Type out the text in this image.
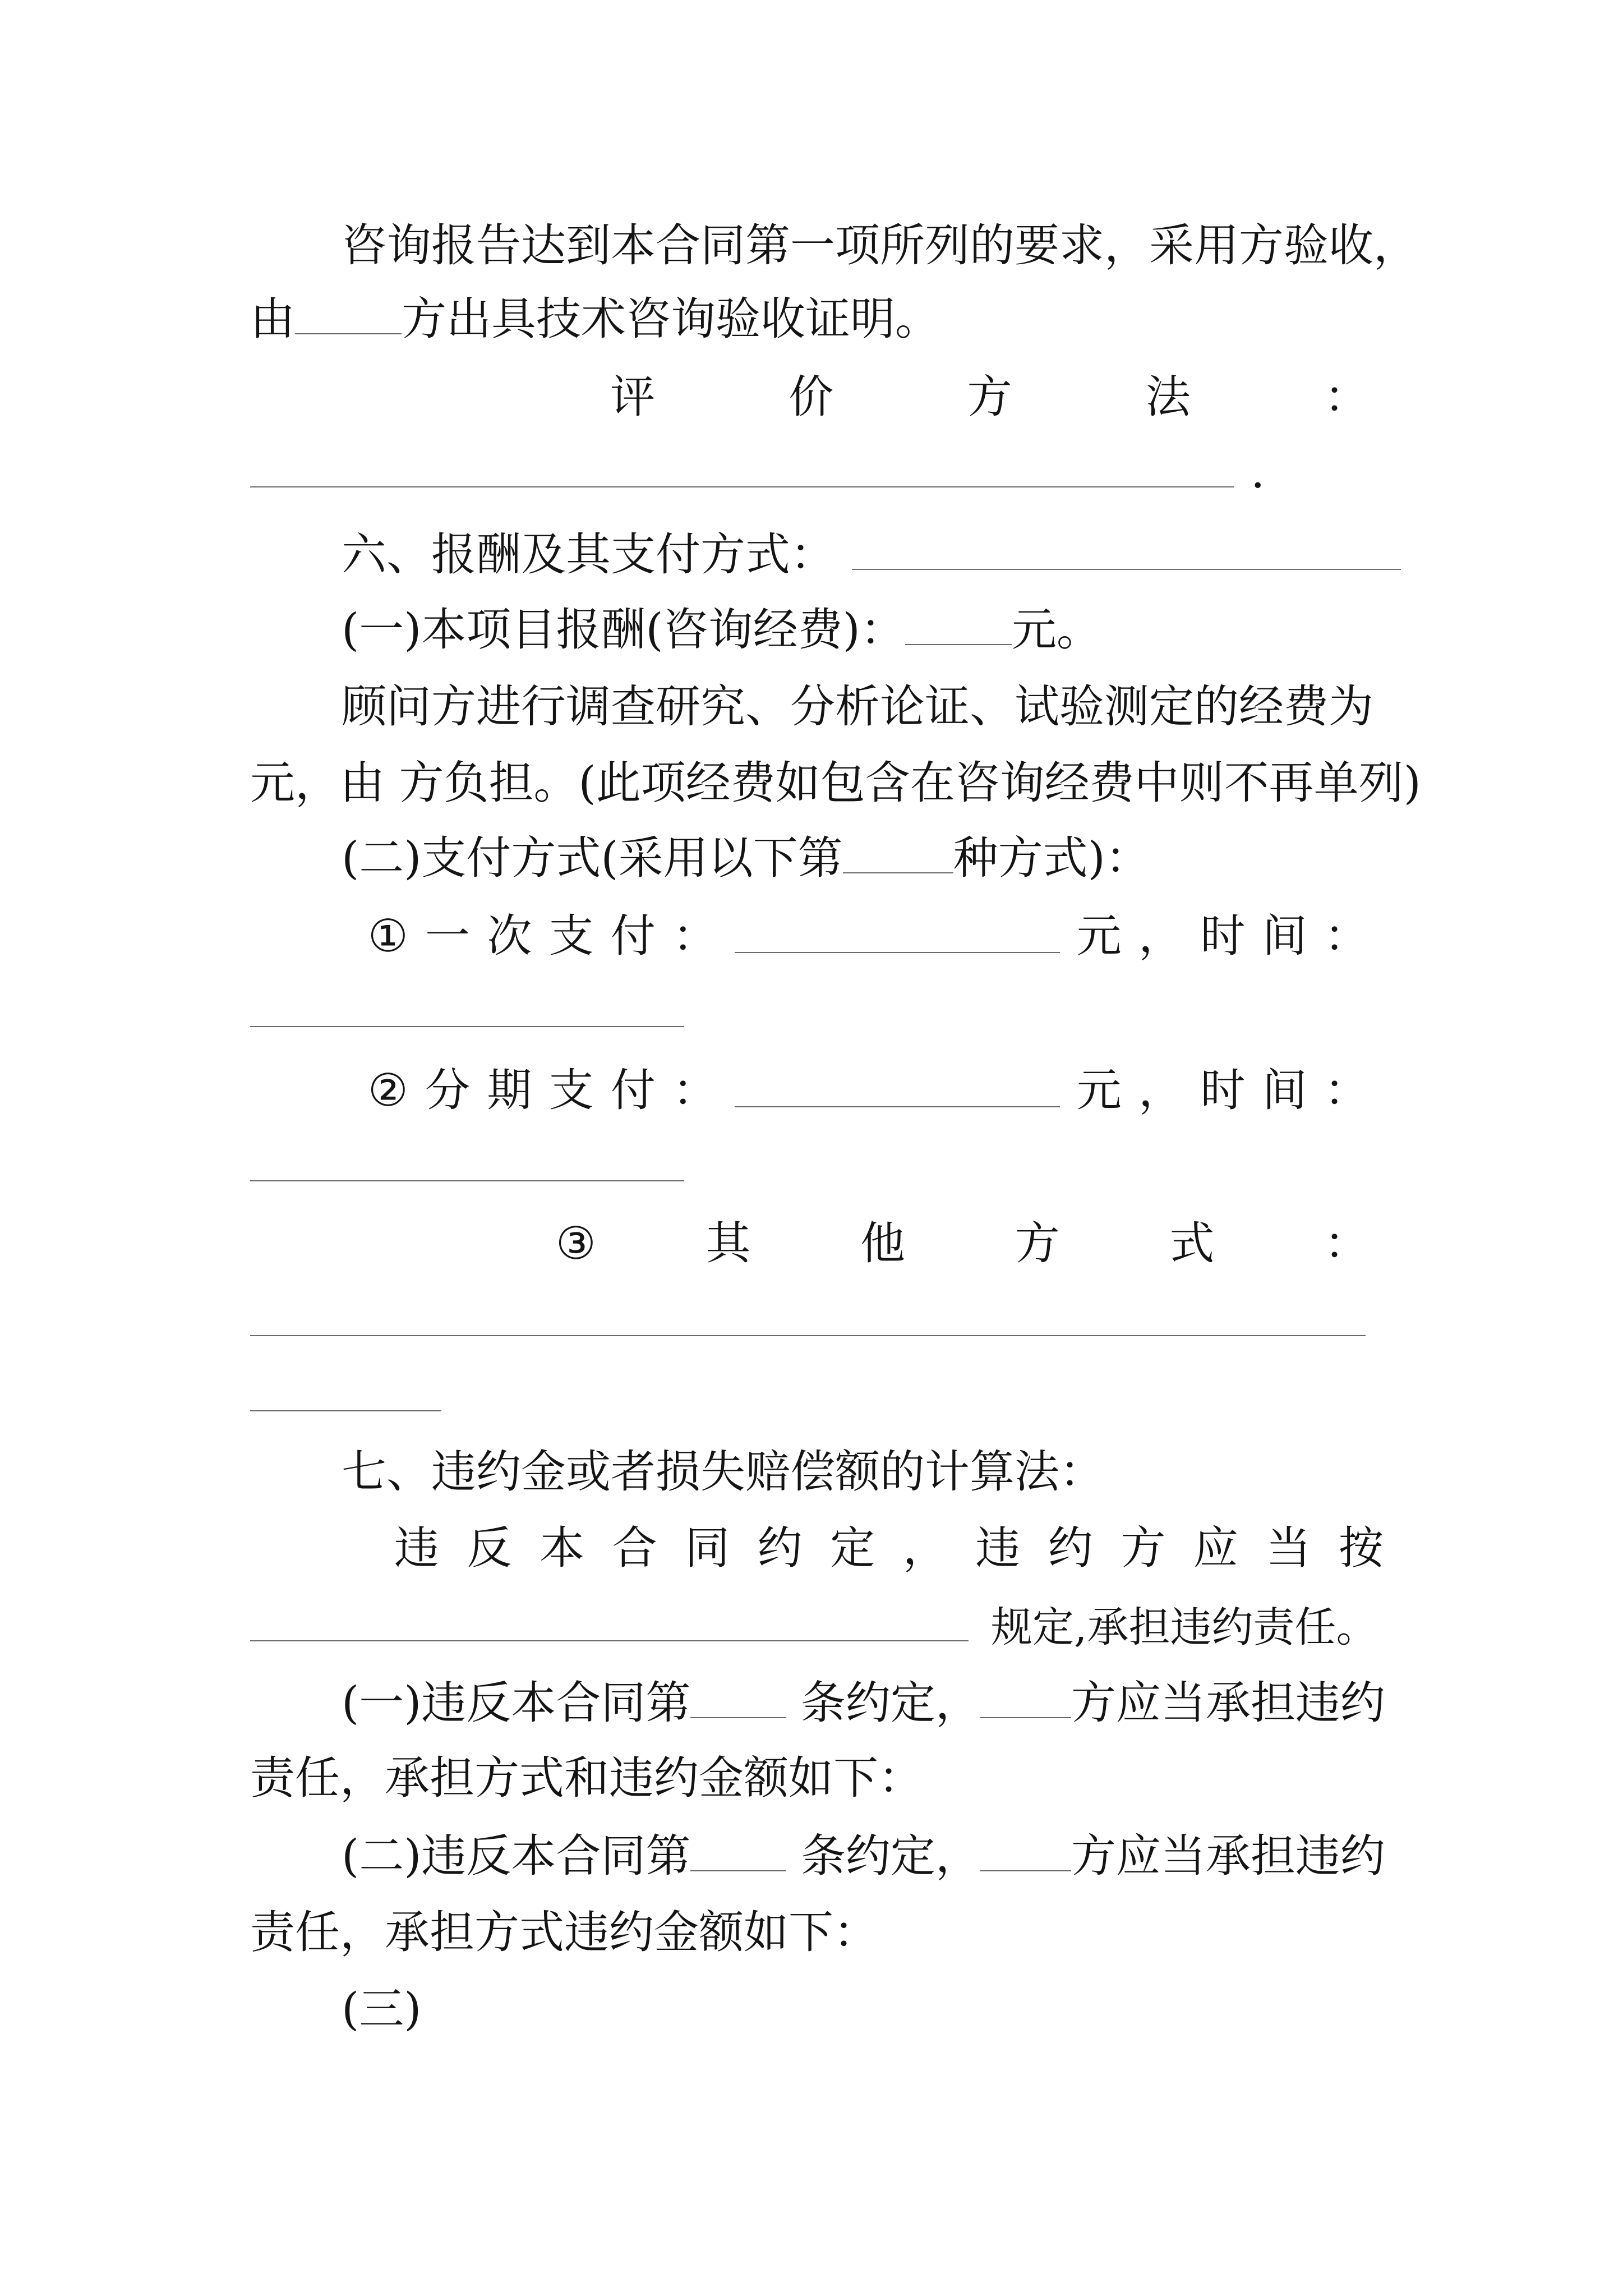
咨询报告达到本合同第一项所列的要求，采用方验收，
由 方出具技术咨询验收证明。
评	价	方	法	：
.
六、报酬及其支付方式：
(一)本项目报酬(咨询经费)： 元。
顾问方进行调查研究、分析论证、试验测定的经费为
元，由 方负担。(此项经费如包含在咨询经费中则不再单列)
(二)支付方式(采用以下第 种方式)：
① 一 次 支 付 ：	元 ， 时 间 ：
② 分 期 支 付 ：	元 ， 时 间 ：
③ 其 他 方 式 ：
七、违约金或者损失赔偿额的计算法：
违 反 本 合 同 约 定 ， 违 约 方 应 当 按
规定,承担违约责任。
(一)违反本合同第 条约定， 方应当承担违约
责任，承担方式和违约金额如下：
(二)违反本合同第 条约定， 方应当承担违约
责任，承担方式违约金额如下：
(三)
